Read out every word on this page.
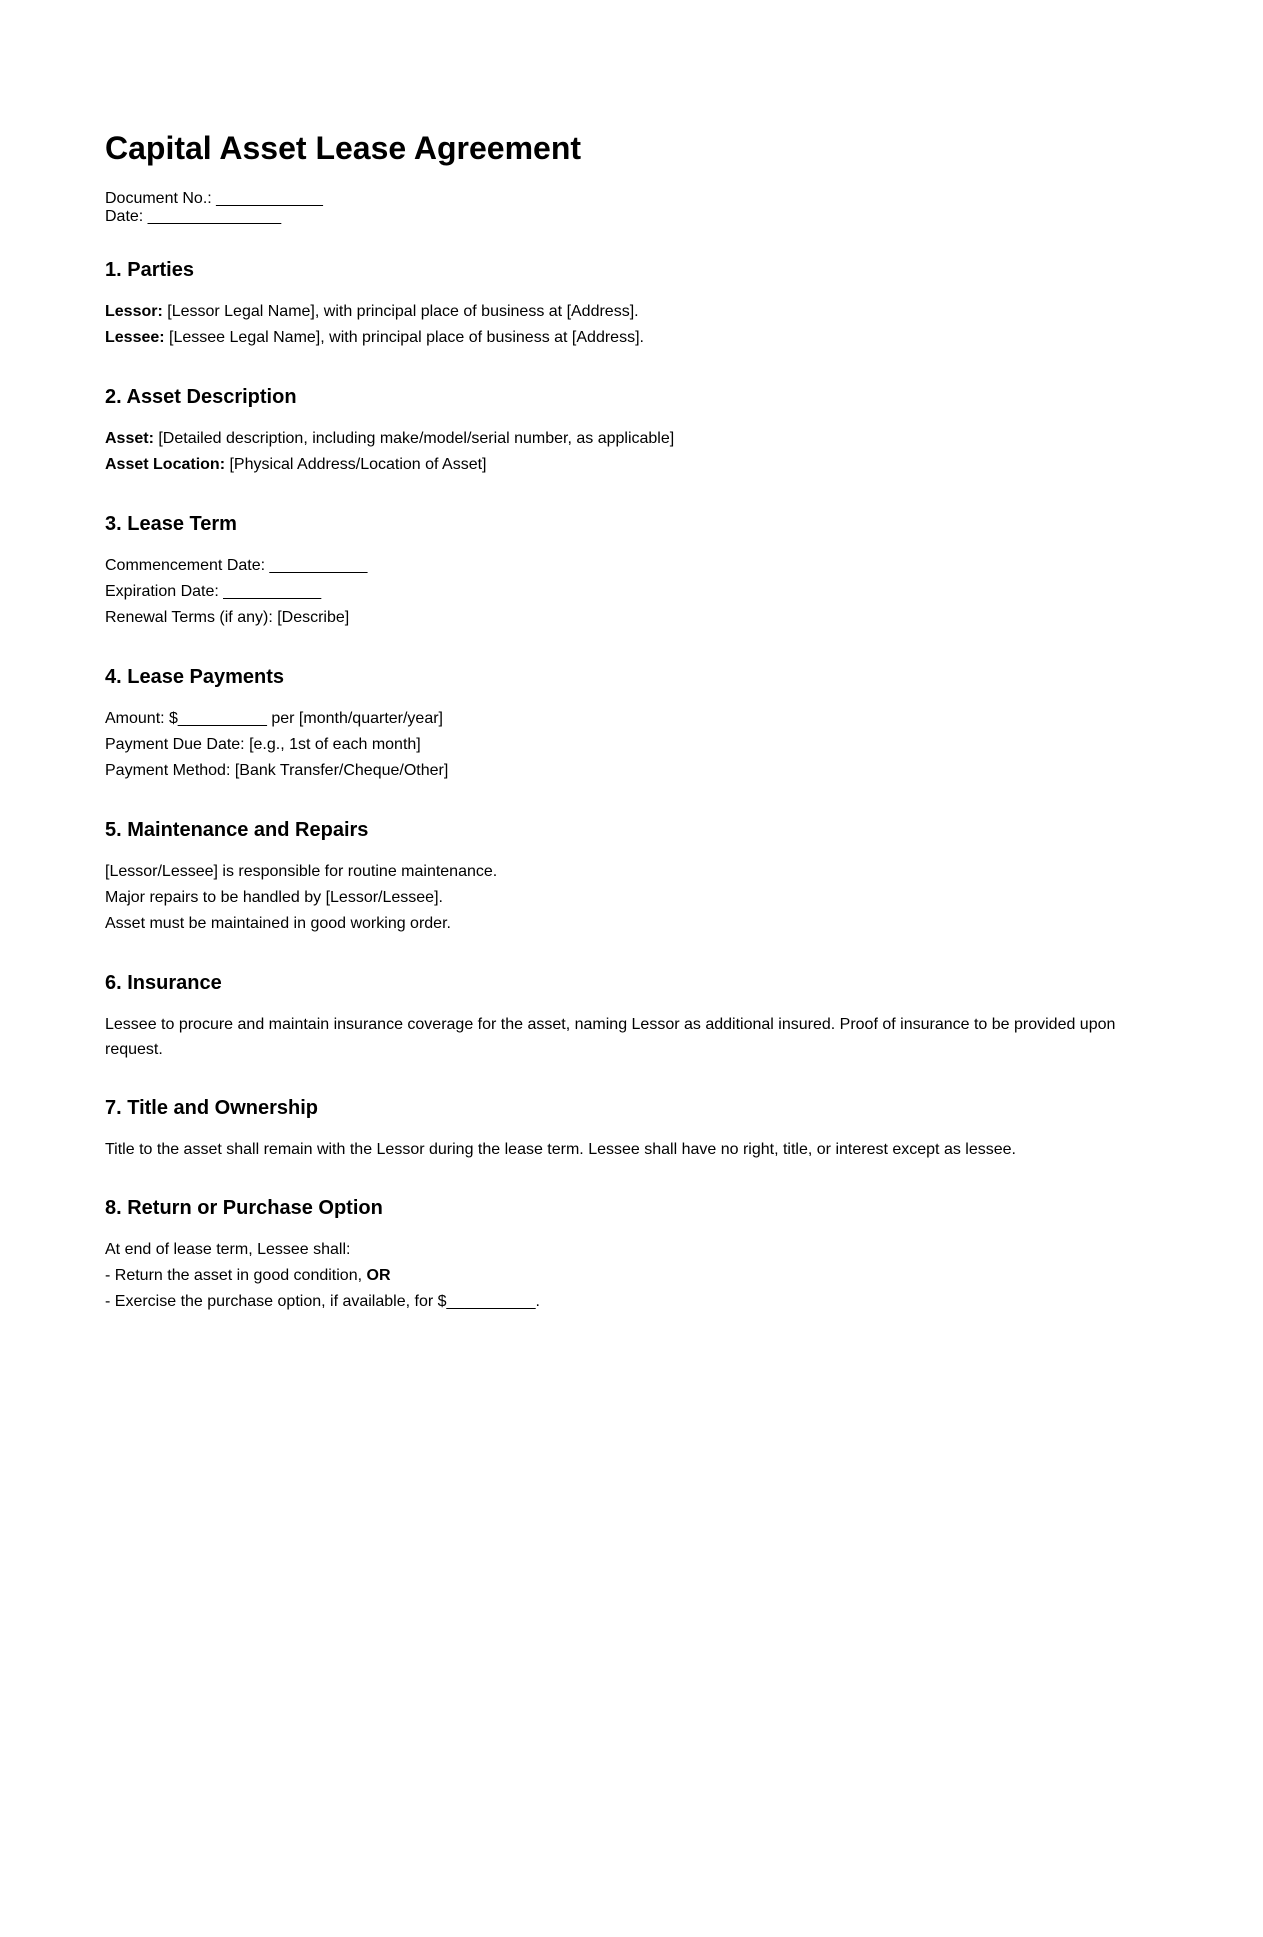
Capital Asset Lease Agreement
Document No.: ____________
Date: _______________
1. Parties

Lessor: [Lessor Legal Name], with principal place of business at [Address].

Lessee: [Lessee Legal Name], with principal place of business at [Address].

2. Asset Description

Asset: [Detailed description, including make/model/serial number, as applicable]

Asset Location: [Physical Address/Location of Asset]

3. Lease Term

Commencement Date: ___________

Expiration Date: ___________

Renewal Terms (if any): [Describe]

4. Lease Payments

Amount: $__________ per [month/quarter/year]

Payment Due Date: [e.g., 1st of each month]

Payment Method: [Bank Transfer/Cheque/Other]

5. Maintenance and Repairs

[Lessor/Lessee] is responsible for routine maintenance.

Major repairs to be handled by [Lessor/Lessee].

Asset must be maintained in good working order.

6. Insurance

Lessee to procure and maintain insurance coverage for the asset, naming Lessor as additional insured. Proof of insurance to be provided upon request.

7. Title and Ownership

Title to the asset shall remain with the Lessor during the lease term. Lessee shall have no right, title, or interest except as lessee.

8. Return or Purchase Option

At end of lease term, Lessee shall:

- Return the asset in good condition, OR

- Exercise the purchase option, if available, for $__________.
